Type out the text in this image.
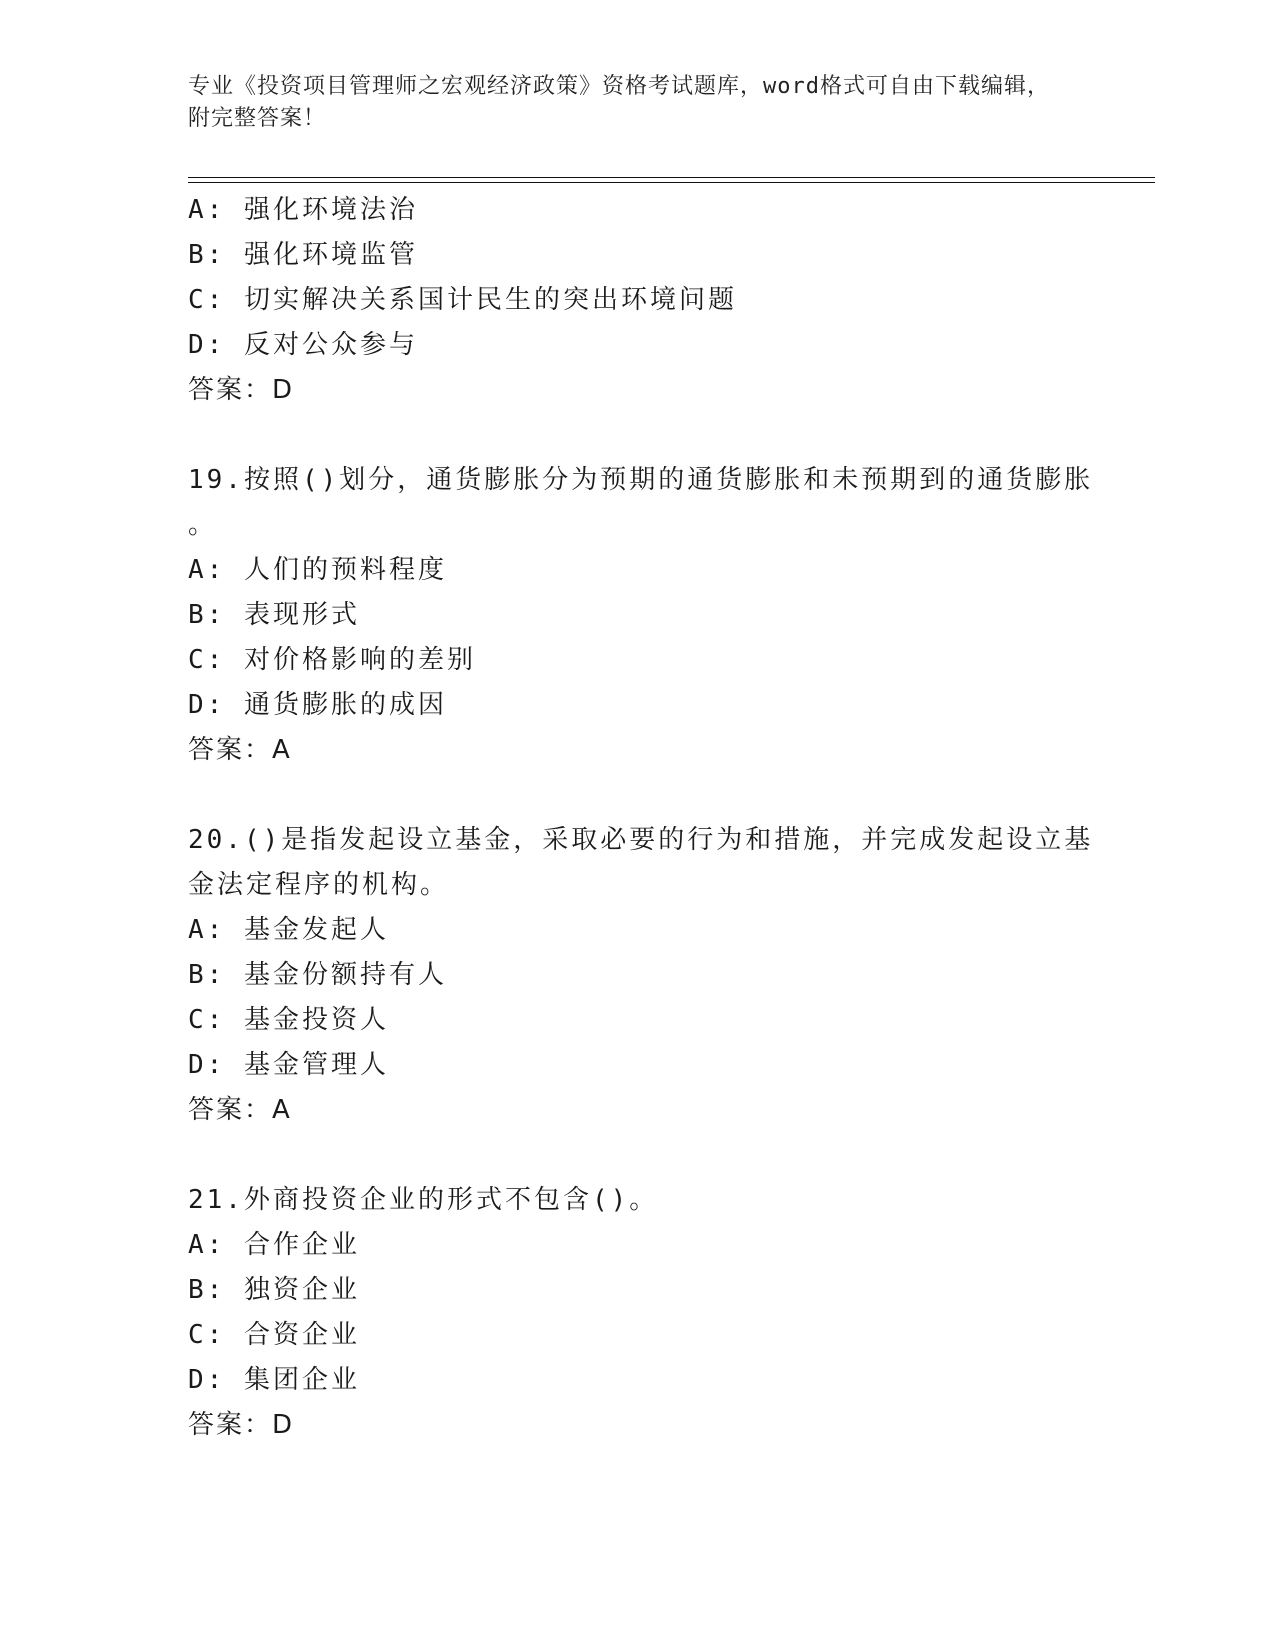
专业《投资项目管理师之宏观经济政策》资格考试题库，word格式可自由下载编辑，附完整答案！
A: 强化环境法治
B: 强化环境监管
C: 切实解决关系国计民生的突出环境问题
D: 反对公众参与
答案：D
19.按照()划分，通货膨胀分为预期的通货膨胀和未预期到的通货膨胀
。
A: 人们的预料程度
B: 表现形式
C: 对价格影响的差别
D: 通货膨胀的成因
答案：A
20.()是指发起设立基金，采取必要的行为和措施，并完成发起设立基
金法定程序的机构。
A: 基金发起人
B: 基金份额持有人
C: 基金投资人
D: 基金管理人
答案：A
21.外商投资企业的形式不包含()。
A: 合作企业
B: 独资企业
C: 合资企业
D: 集团企业
答案：D
